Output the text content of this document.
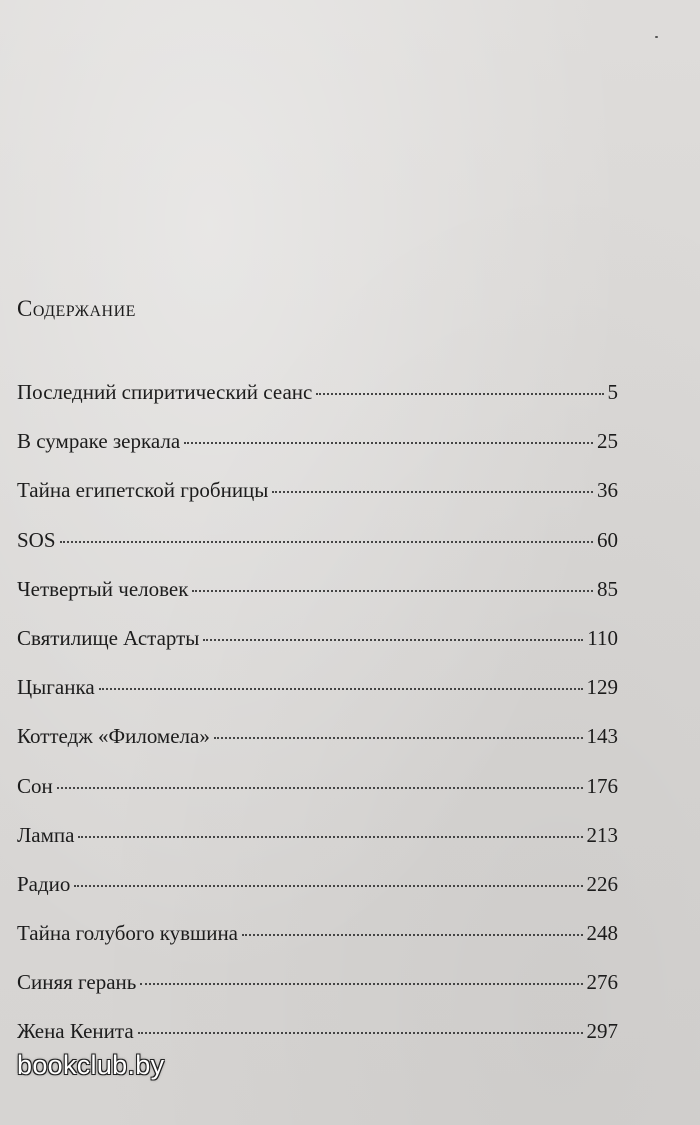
Содержание
Последний спиритический сеанс	5
В сумраке зеркала	25
Тайна египетской гробницы	36
SOS	60
Четвертый человек	85
Святилище Астарты	110
Цыганка	129
Коттедж «Филомела»	143
Сон	176
Лампа	213
Радио	226
Тайна голубого кувшина	248
Синяя герань	276
Жена Кенита	297
bookclub.by
